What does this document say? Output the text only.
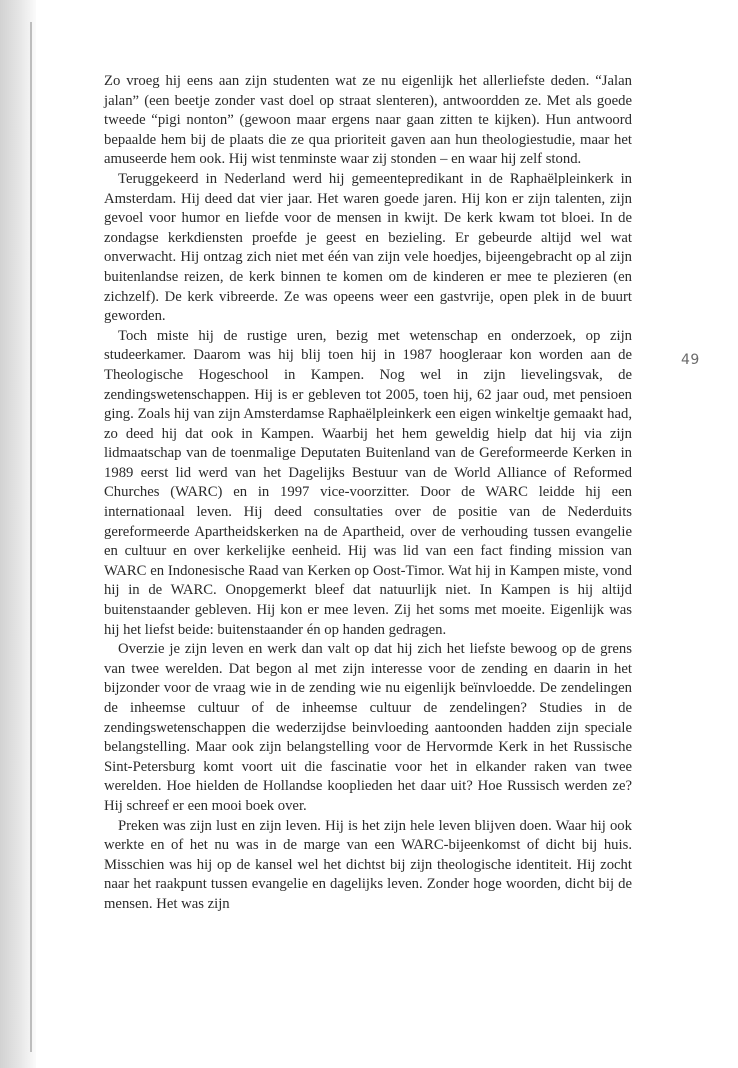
Zo vroeg hij eens aan zijn studenten wat ze nu eigenlijk het allerliefste deden. “Jalan jalan” (een beetje zonder vast doel op straat slenteren), antwoordden ze. Met als goede tweede “pigi nonton” (gewoon maar ergens naar gaan zitten te kijken). Hun antwoord bepaalde hem bij de plaats die ze qua prioriteit gaven aan hun theologiestudie, maar het amuseerde hem ook. Hij wist tenminste waar zij stonden – en waar hij zelf stond.

Teruggekeerd in Nederland werd hij gemeentepredikant in de Raphaëlpleinkerk in Amsterdam. Hij deed dat vier jaar. Het waren goede jaren. Hij kon er zijn talenten, zijn gevoel voor humor en liefde voor de mensen in kwijt. De kerk kwam tot bloei. In de zondagse kerkdiensten proefde je geest en bezieling. Er gebeurde altijd wel wat onverwacht. Hij ontzag zich niet met één van zijn vele hoedjes, bijeengebracht op al zijn buitenlandse reizen, de kerk binnen te komen om de kinderen er mee te plezieren (en zichzelf). De kerk vibreerde. Ze was opeens weer een gastvrije, open plek in de buurt geworden.

Toch miste hij de rustige uren, bezig met wetenschap en onderzoek, op zijn studeerkamer. Daarom was hij blij toen hij in 1987 hoogleraar kon worden aan de Theologische Hogeschool in Kampen. Nog wel in zijn lievelingsvak, de zendingswetenschappen. Hij is er gebleven tot 2005, toen hij, 62 jaar oud, met pensioen ging. Zoals hij van zijn Amsterdamse Raphaëlpleinkerk een eigen winkeltje gemaakt had, zo deed hij dat ook in Kampen. Waarbij het hem geweldig hielp dat hij via zijn lidmaatschap van de toenmalige Deputaten Buitenland van de Gereformeerde Kerken in 1989 eerst lid werd van het Dagelijks Bestuur van de World Alliance of Reformed Churches (WARC) en in 1997 vice-voorzitter. Door de WARC leidde hij een internationaal leven. Hij deed consultaties over de positie van de Nederduits gereformeerde Apartheidskerken na de Apartheid, over de verhouding tussen evangelie en cultuur en over kerkelijke eenheid. Hij was lid van een fact finding mission van WARC en Indonesische Raad van Kerken op Oost-Timor. Wat hij in Kampen miste, vond hij in de WARC. Onopgemerkt bleef dat natuurlijk niet. In Kampen is hij altijd buitenstaander gebleven. Hij kon er mee leven. Zij het soms met moeite. Eigenlijk was hij het liefst beide: buitenstaander én op handen gedragen.

Overzie je zijn leven en werk dan valt op dat hij zich het liefste bewoog op de grens van twee werelden. Dat begon al met zijn interesse voor de zending en daarin in het bijzonder voor de vraag wie in de zending wie nu eigenlijk beïnvloedde. De zendelingen de inheemse cultuur of de inheemse cultuur de zendelingen? Studies in de zendingswetenschappen die wederzijdse beinvloeding aantoonden hadden zijn speciale belangstelling. Maar ook zijn belangstelling voor de Hervormde Kerk in het Russische Sint-Petersburg komt voort uit die fascinatie voor het in elkander raken van twee werelden. Hoe hielden de Hollandse kooplieden het daar uit? Hoe Russisch werden ze? Hij schreef er een mooi boek over.

Preken was zijn lust en zijn leven. Hij is het zijn hele leven blijven doen. Waar hij ook werkte en of het nu was in de marge van een WARC-bijeenkomst of dicht bij huis. Misschien was hij op de kansel wel het dichtst bij zijn theologische identiteit. Hij zocht naar het raakpunt tussen evangelie en dagelijks leven. Zonder hoge woorden, dicht bij de mensen. Het was zijn

49
